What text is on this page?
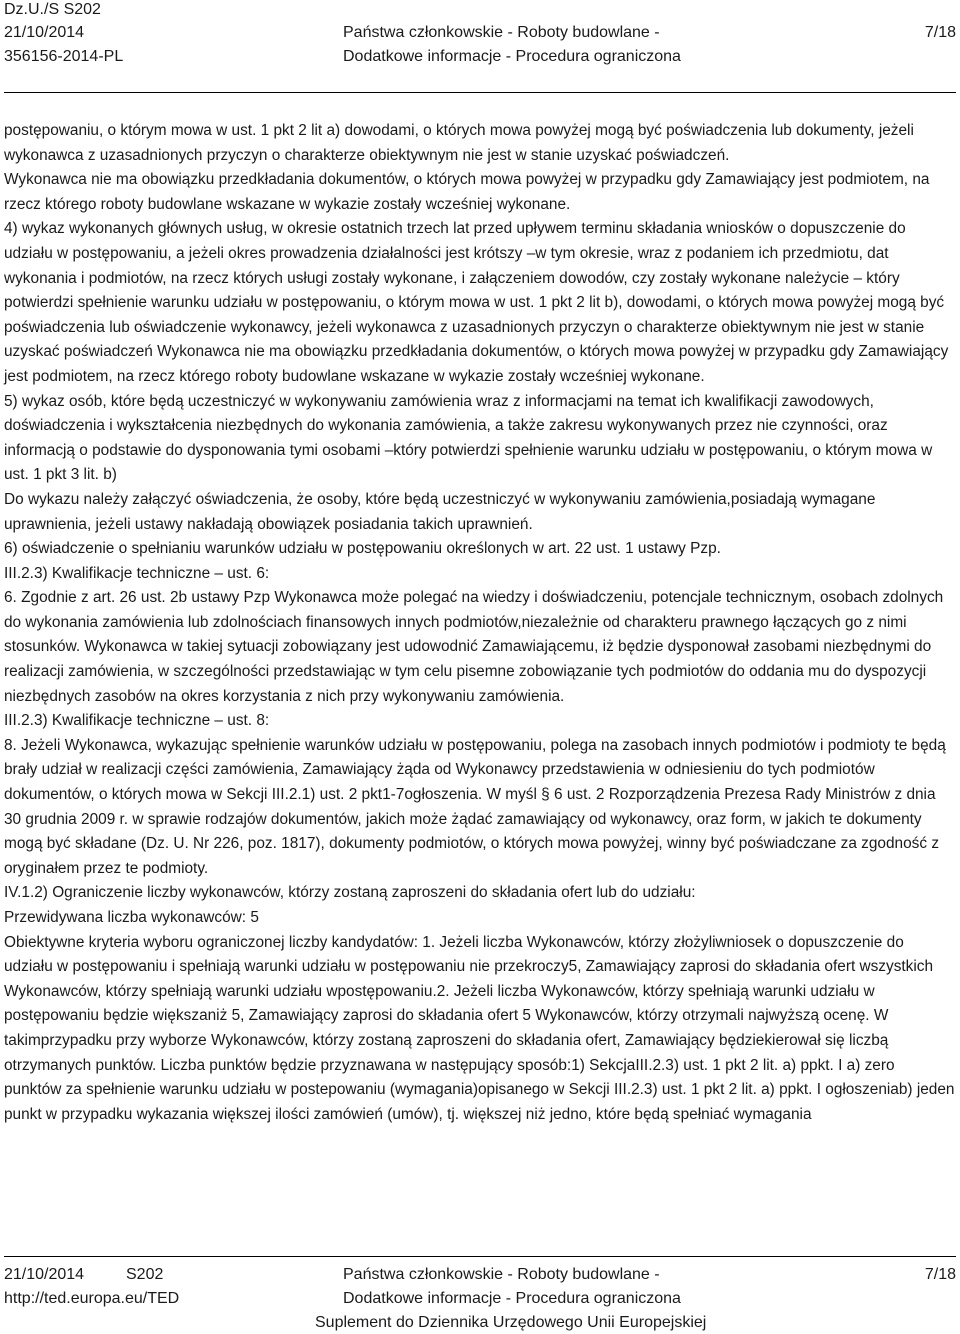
Dz.U./S S202
21/10/2014
356156-2014-PL
Państwa członkowskie - Roboty budowlane -
Dodatkowe informacje - Procedura ograniczona
7/18

postępowaniu, o którym mowa w ust. 1 pkt 2 lit a) dowodami, o których mowa powyżej mogą być poświadczenia lub dokumenty, jeżeli wykonawca z uzasadnionych przyczyn o charakterze obiektywnym nie jest w stanie uzyskać poświadczeń.

Wykonawca nie ma obowiązku przedkładania dokumentów, o których mowa powyżej w przypadku gdy Zamawiający jest podmiotem, na rzecz którego roboty budowlane wskazane w wykazie zostały wcześniej wykonane.

4) wykaz wykonanych głównych usług, w okresie ostatnich trzech lat przed upływem terminu składania wniosków o dopuszczenie do udziału w postępowaniu, a jeżeli okres prowadzenia działalności jest krótszy –w tym okresie, wraz z podaniem ich przedmiotu, dat wykonania i podmiotów, na rzecz których usługi zostały wykonane, i załączeniem dowodów, czy zostały wykonane należycie – który potwierdzi spełnienie warunku udziału w postępowaniu, o którym mowa w ust. 1 pkt 2 lit b), dowodami, o których mowa powyżej mogą być poświadczenia lub oświadczenie wykonawcy, jeżeli wykonawca z uzasadnionych przyczyn o charakterze obiektywnym nie jest w stanie uzyskać poświadczeń Wykonawca nie ma obowiązku przedkładania dokumentów, o których mowa powyżej w przypadku gdy Zamawiający jest podmiotem, na rzecz którego roboty budowlane wskazane w wykazie zostały wcześniej wykonane.

5) wykaz osób, które będą uczestniczyć w wykonywaniu zamówienia wraz z informacjami na temat ich kwalifikacji zawodowych, doświadczenia i wykształcenia niezbędnych do wykonania zamówienia, a także zakresu wykonywanych przez nie czynności, oraz informacją o podstawie do dysponowania tymi osobami –który potwierdzi spełnienie warunku udziału w postępowaniu, o którym mowa w ust. 1 pkt 3 lit. b)

Do wykazu należy załączyć oświadczenia, że osoby, które będą uczestniczyć w wykonywaniu zamówienia,posiadają wymagane uprawnienia, jeżeli ustawy nakładają obowiązek posiadania takich uprawnień.

6) oświadczenie o spełnianiu warunków udziału w postępowaniu określonych w art. 22 ust. 1 ustawy Pzp.

III.2.3) Kwalifikacje techniczne – ust. 6:

6. Zgodnie z art. 26 ust. 2b ustawy Pzp Wykonawca może polegać na wiedzy i doświadczeniu, potencjale technicznym, osobach zdolnych do wykonania zamówienia lub zdolnościach finansowych innych podmiotów,niezależnie od charakteru prawnego łączących go z nimi stosunków. Wykonawca w takiej sytuacji zobowiązany jest udowodnić Zamawiającemu, iż będzie dysponował zasobami niezbędnymi do realizacji zamówienia, w szczególności przedstawiając w tym celu pisemne zobowiązanie tych podmiotów do oddania mu do dyspozycji niezbędnych zasobów na okres korzystania z nich przy wykonywaniu zamówienia.

III.2.3) Kwalifikacje techniczne – ust. 8:

8. Jeżeli Wykonawca, wykazując spełnienie warunków udziału w postępowaniu, polega na zasobach innych podmiotów i podmioty te będą brały udział w realizacji części zamówienia, Zamawiający żąda od Wykonawcy przedstawienia w odniesieniu do tych podmiotów dokumentów, o których mowa w Sekcji III.2.1) ust. 2 pkt1-7ogłoszenia. W myśl § 6 ust. 2 Rozporządzenia Prezesa Rady Ministrów z dnia 30 grudnia 2009 r. w sprawie rodzajów dokumentów, jakich może żądać zamawiający od wykonawcy, oraz form, w jakich te dokumenty mogą być składane (Dz. U. Nr 226, poz. 1817), dokumenty podmiotów, o których mowa powyżej, winny być poświadczane za zgodność z oryginałem przez te podmioty.

IV.1.2) Ograniczenie liczby wykonawców, którzy zostaną zaproszeni do składania ofert lub do udziału:

Przewidywana liczba wykonawców: 5

Obiektywne kryteria wyboru ograniczonej liczby kandydatów: 1. Jeżeli liczba Wykonawców, którzy złożyliwniosek o dopuszczenie do udziału w postępowaniu i spełniają warunki udziału w postępowaniu nie przekroczy5, Zamawiający zaprosi do składania ofert wszystkich Wykonawców, którzy spełniają warunki udziału wpostępowaniu.2. Jeżeli liczba Wykonawców, którzy spełniają warunki udziału w postępowaniu będzie większaniż 5, Zamawiający zaprosi do składania ofert 5 Wykonawców, którzy otrzymali najwyższą ocenę. W takimprzypadku przy wyborze Wykonawców, którzy zostaną zaproszeni do składania ofert, Zamawiający będziekierował się liczbą otrzymanych punktów. Liczba punktów będzie przyznawana w następujący sposób:1) SekcjaIII.2.3) ust. 1 pkt 2 lit. a) ppkt. I a) zero punktów za spełnienie warunku udziału w postepowaniu (wymagania)opisanego w Sekcji III.2.3) ust. 1 pkt 2 lit. a) ppkt. I ogłoszeniab) jeden punkt w przypadku wykazania większej ilości zamówień (umów), tj. większej niż jedno, które będą spełniać wymagania

21/10/2014	S202
http://ted.europa.eu/TED
Państwa członkowskie - Roboty budowlane -
Dodatkowe informacje - Procedura ograniczona
Suplement do Dziennika Urzędowego Unii Europejskiej
7/18
